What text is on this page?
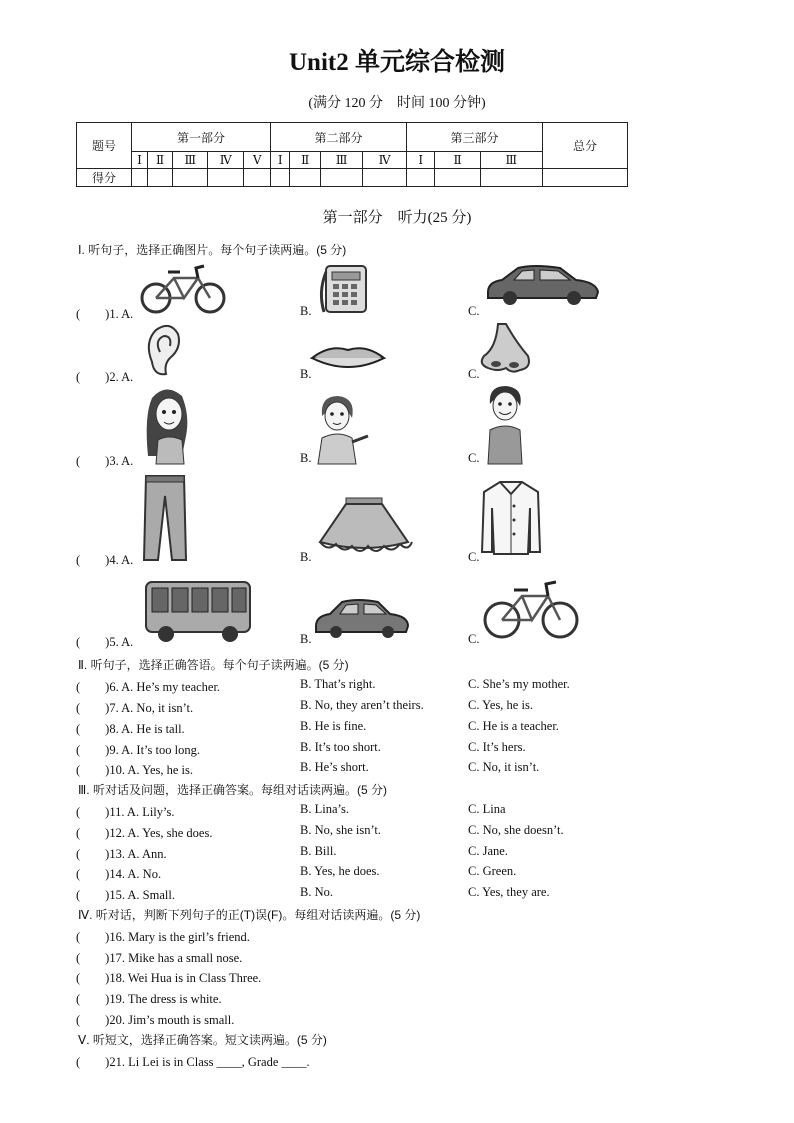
Unit2 单元综合检测
(满分 120 分　时间 100 分钟)
题号	第一部分					第二部分				第三部分			总分
	Ⅰ	Ⅱ	Ⅲ	Ⅳ	Ⅴ	Ⅰ	Ⅱ	Ⅲ	Ⅳ	Ⅰ	Ⅱ	Ⅲ	
得分													
第一部分　听力(25 分)
Ⅰ. 听句子，选择正确图片。每个句子读两遍。(5 分)
(　　)1. A.	B.	C.
(　　)2. A.	B.	C.
(　　)3. A.	B.	C.
(　　)4. A.	B.	C.
(　　)5. A.	B.	C.
Ⅱ. 听句子，选择正确答语。每个句子读两遍。(5 分)
(　　)6. A. He’s my teacher.	B. That’s right.	C. She’s my mother.
(　　)7. A. No, it isn’t.	B. No, they aren’t theirs.	C. Yes, he is.
(　　)8. A. He is tall.	B. He is fine.	C. He is a teacher.
(　　)9. A. It’s too long.	B. It’s too short.	C. It’s hers.
(　　)10. A. Yes, he is.	B. He’s short.	C. No, it isn’t.
Ⅲ. 听对话及问题，选择正确答案。每组对话读两遍。(5 分)
(　　)11. A. Lily’s.	B. Lina’s.	C. Lina
(　　)12. A. Yes, she does.	B. No, she isn’t.	C. No, she doesn’t.
(　　)13. A. Ann.	B. Bill.	C. Jane.
(　　)14. A. No.	B. Yes, he does.	C. Green.
(　　)15. A. Small.	B. No.	C. Yes, they are.
Ⅳ. 听对话，判断下列句子的正(T)误(F)。每组对话读两遍。(5 分)
(　　)16. Mary is the girl’s friend.
(　　)17. Mike has a small nose.
(　　)18. Wei Hua is in Class Three.
(　　)19. The dress is white.
(　　)20. Jim’s mouth is small.
Ⅴ. 听短文，选择正确答案。短文读两遍。(5 分)
(　　)21. Li Lei is in Class ____, Grade ____.
